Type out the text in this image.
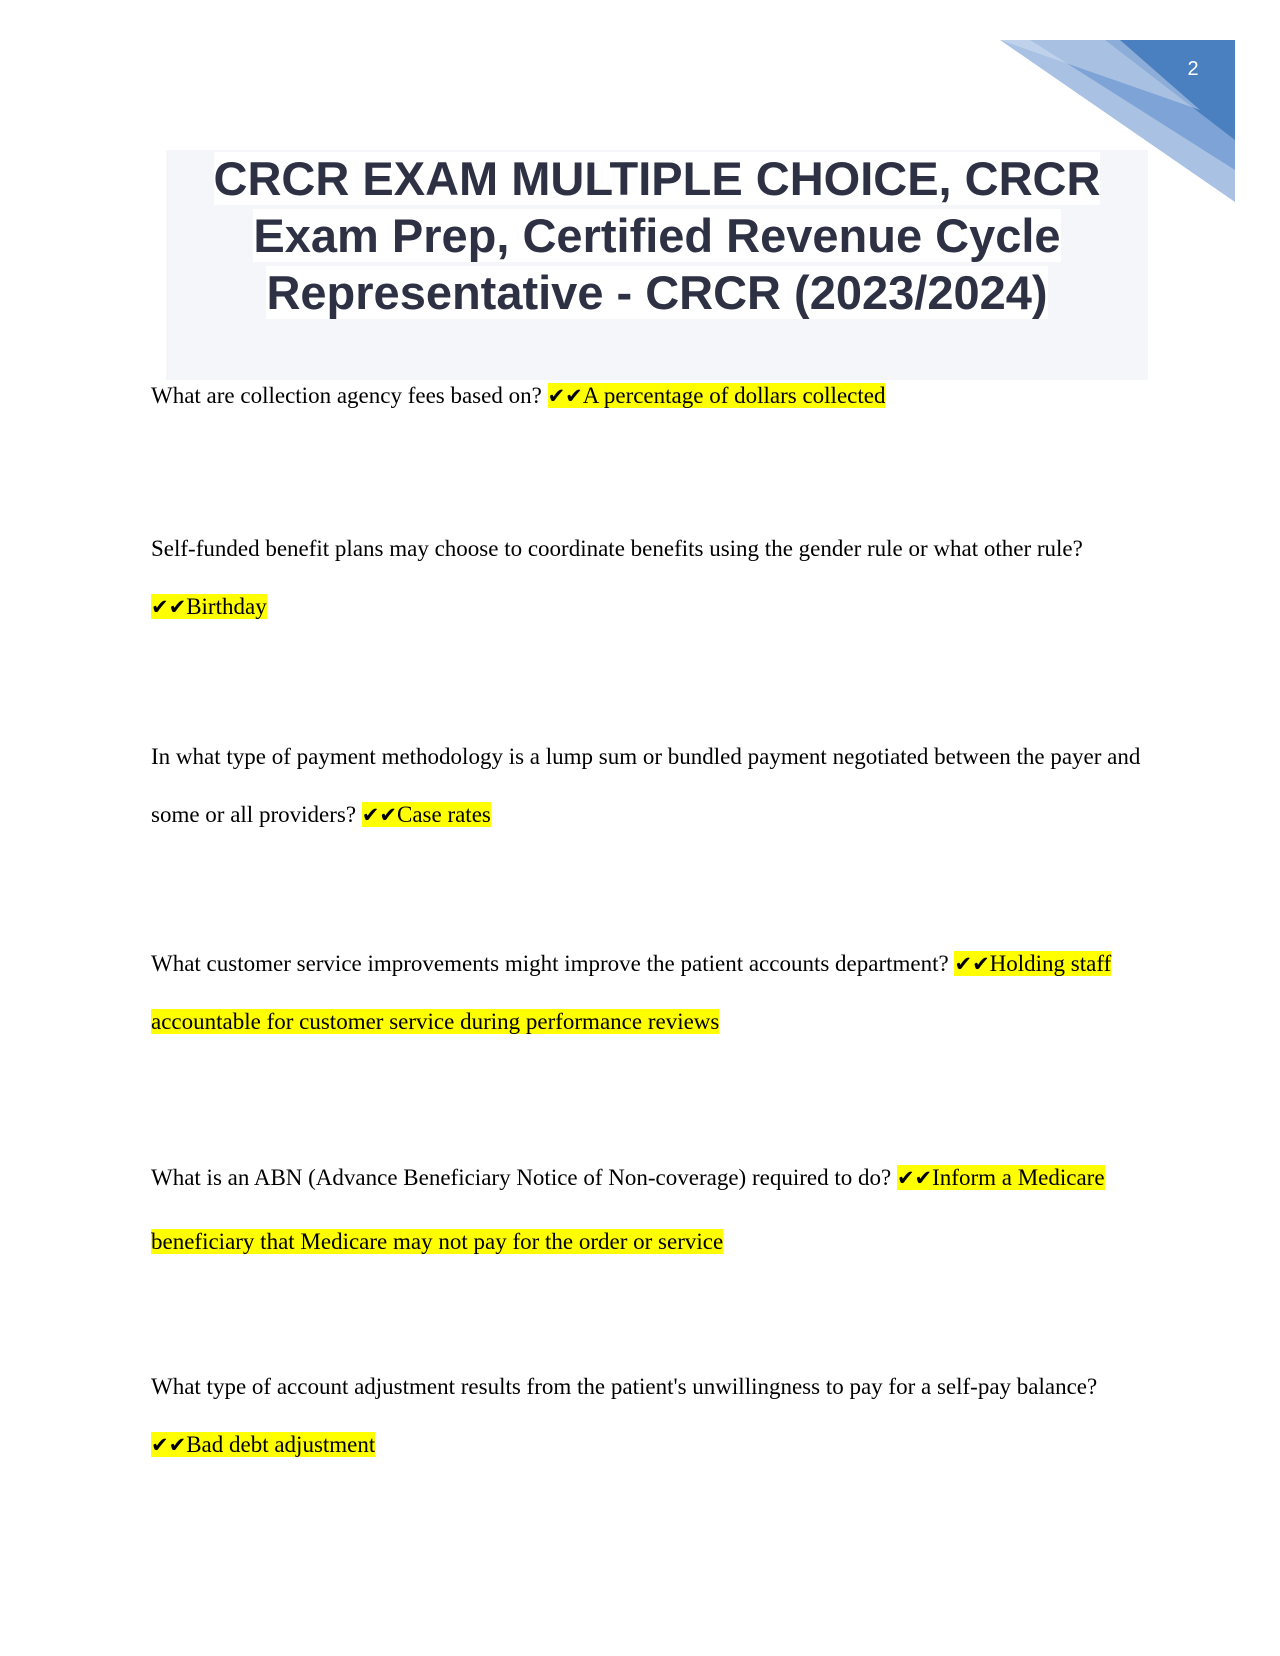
2
CRCR EXAM MULTIPLE CHOICE, CRCR Exam Prep, Certified Revenue Cycle Representative - CRCR (2023/2024)

What are collection agency fees based on? ✔✔A percentage of dollars collected

Self-funded benefit plans may choose to coordinate benefits using the gender rule or what other rule? ✔✔Birthday

In what type of payment methodology is a lump sum or bundled payment negotiated between the payer and some or all providers? ✔✔Case rates

What customer service improvements might improve the patient accounts department? ✔✔Holding staff accountable for customer service during performance reviews

What is an ABN (Advance Beneficiary Notice of Non-coverage) required to do? ✔✔Inform a Medicare beneficiary that Medicare may not pay for the order or service

What type of account adjustment results from the patient's unwillingness to pay for a self-pay balance? ✔✔Bad debt adjustment
